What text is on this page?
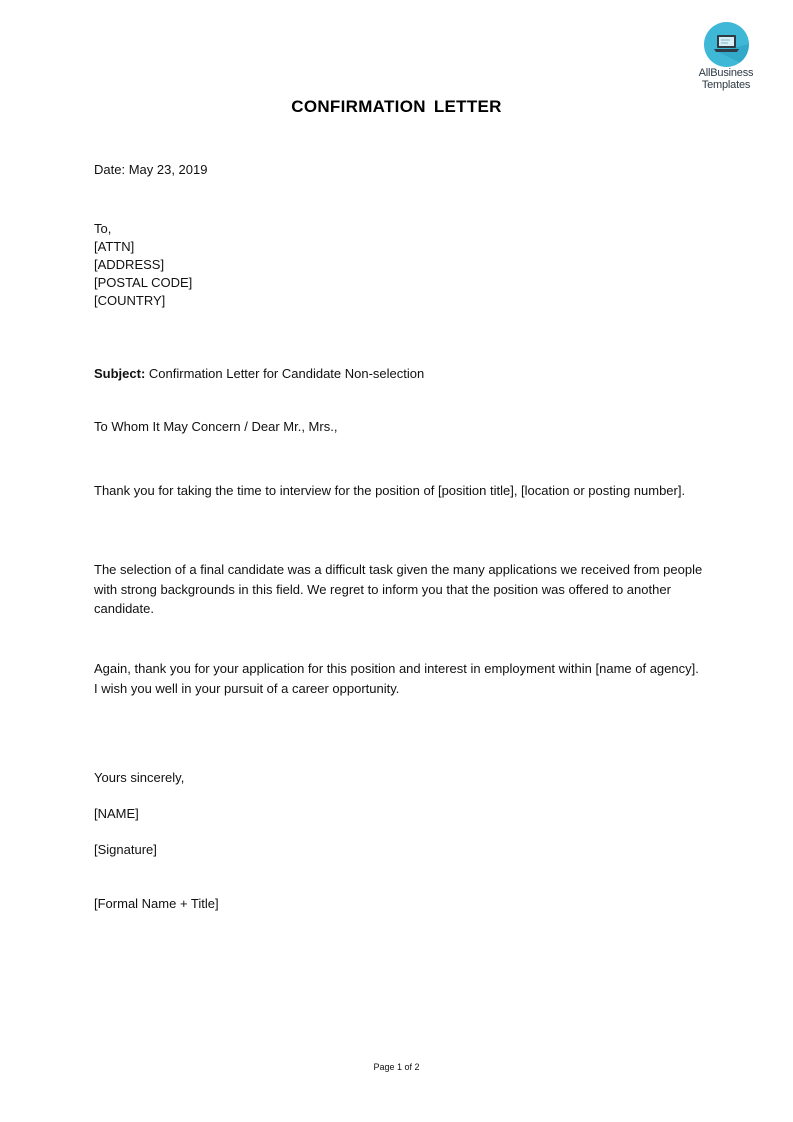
AllBusiness
Templates
CONFIRMATION LETTER
Date: May 23, 2019
To,
[ATTN]
[ADDRESS]
[POSTAL CODE]
[COUNTRY]
Subject: Confirmation Letter for Candidate Non-selection
To Whom It May Concern / Dear Mr., Mrs.,
Thank you for taking the time to interview for the position of [position title], [location or posting number].
The selection of a final candidate was a difficult task given the many applications we received from people with strong backgrounds in this field. We regret to inform you that the position was offered to another candidate.
Again, thank you for your application for this position and interest in employment within [name of agency]. I wish you well in your pursuit of a career opportunity.
Yours sincerely,
[NAME]
[Signature]
[Formal Name + Title]
Page 1 of 2
